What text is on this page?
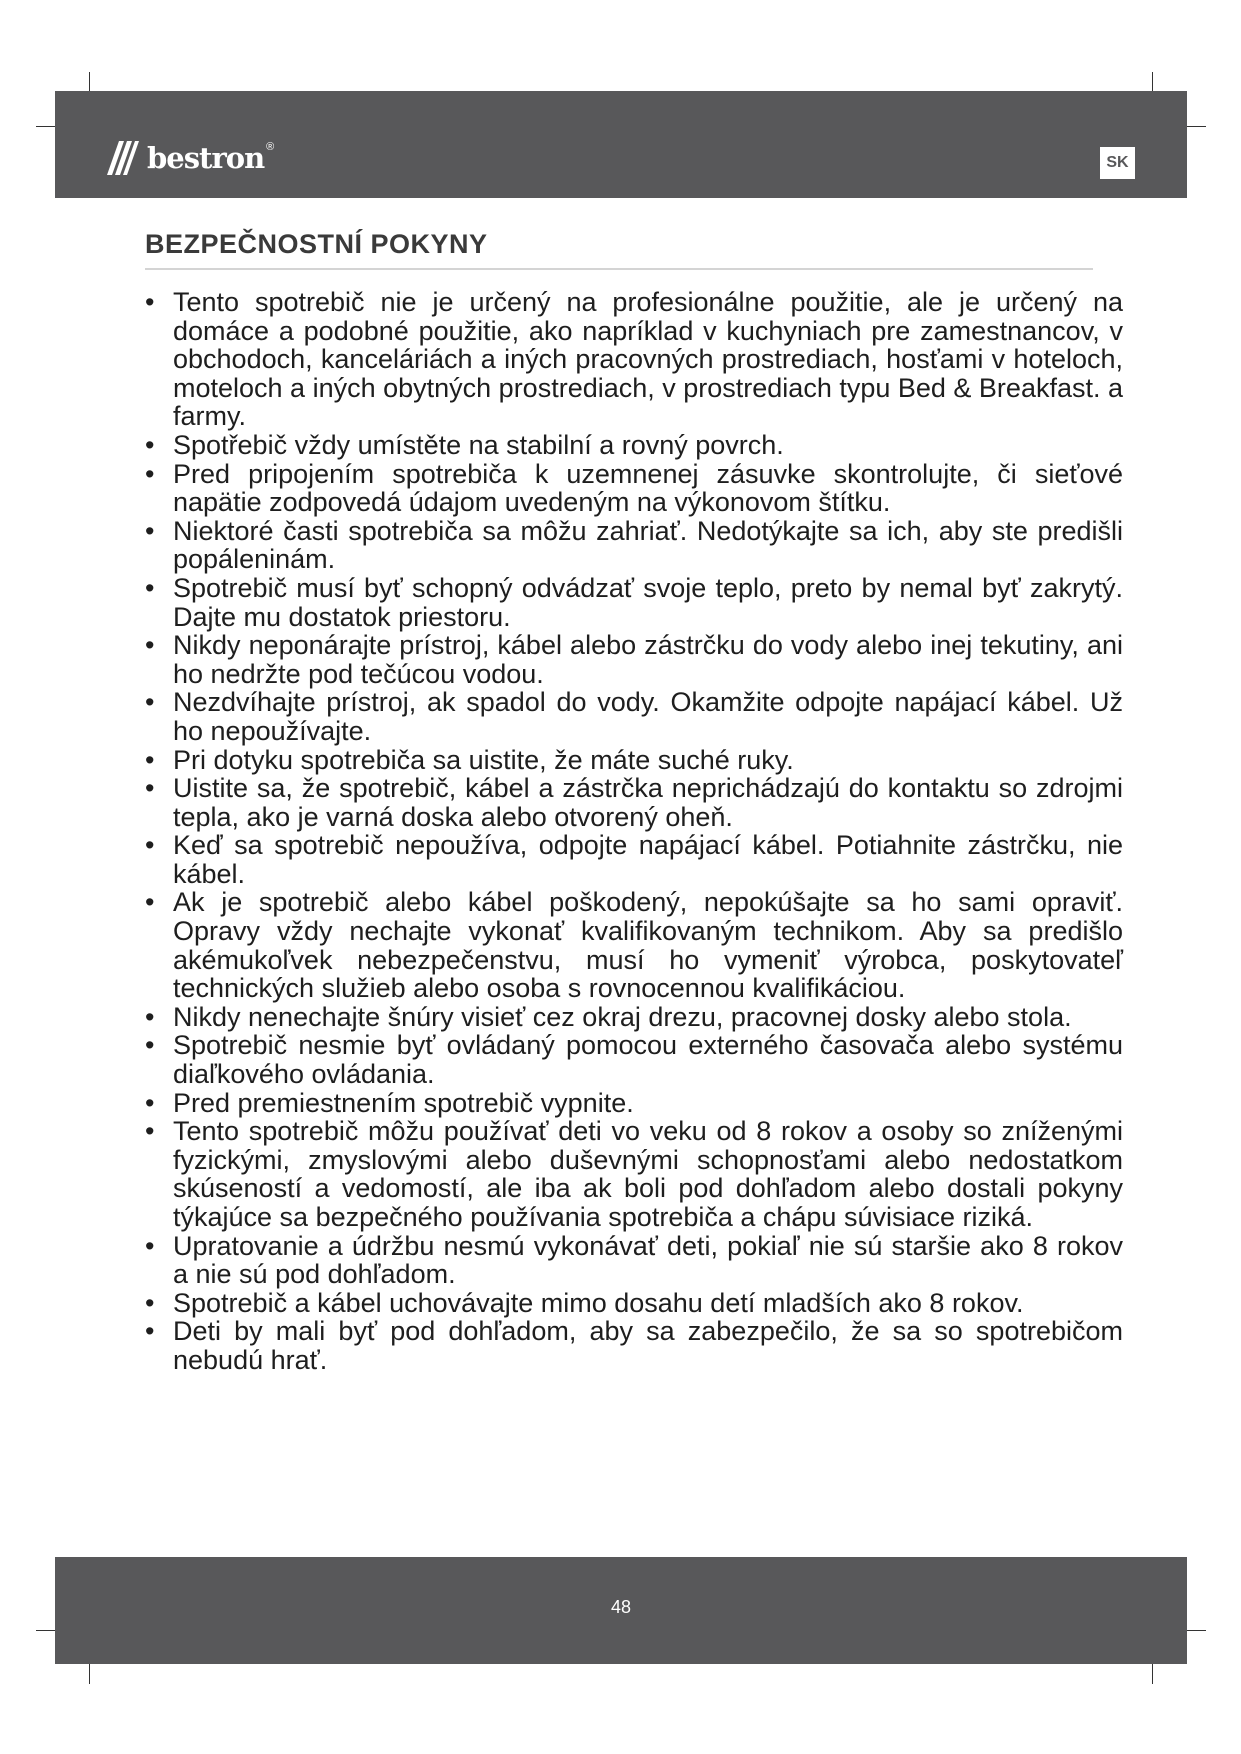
bestron ®
SK
BEZPEČNOSTNÍ POKYNY
• Tento spotrebič nie je určený na profesionálne použitie, ale je určený na domáce a podobné použitie, ako napríklad v kuchyniach pre zamestnancov, v obchodoch, kanceláriách a iných pracovných prostrediach, hosťami v hoteloch, moteloch a iných obytných prostrediach, v prostrediach typu Bed & Breakfast. a farmy.
• Spotřebič vždy umístěte na stabilní a rovný povrch.
• Pred pripojením spotrebiča k uzemnenej zásuvke skontrolujte, či sieťové napätie zodpovedá údajom uvedeným na výkonovom štítku.
• Niektoré časti spotrebiča sa môžu zahriať. Nedotýkajte sa ich, aby ste predišli popáleninám.
• Spotrebič musí byť schopný odvádzať svoje teplo, preto by nemal byť zakrytý. Dajte mu dostatok priestoru.
• Nikdy neponárajte prístroj, kábel alebo zástrčku do vody alebo inej tekutiny, ani ho nedržte pod tečúcou vodou.
• Nezdvíhajte prístroj, ak spadol do vody. Okamžite odpojte napájací kábel. Už ho nepoužívajte.
• Pri dotyku spotrebiča sa uistite, že máte suché ruky.
• Uistite sa, že spotrebič, kábel a zástrčka neprichádzajú do kontaktu so zdrojmi tepla, ako je varná doska alebo otvorený oheň.
• Keď sa spotrebič nepoužíva, odpojte napájací kábel. Potiahnite zástrčku, nie kábel.
• Ak je spotrebič alebo kábel poškodený, nepokúšajte sa ho sami opraviť. Opravy vždy nechajte vykonať kvalifikovaným technikom. Aby sa predišlo akémukoľvek nebezpečenstvu, musí ho vymeniť výrobca, poskytovateľ technických služieb alebo osoba s rovnocennou kvalifikáciou.
• Nikdy nenechajte šnúry visieť cez okraj drezu, pracovnej dosky alebo stola.
• Spotrebič nesmie byť ovládaný pomocou externého časovača alebo systému diaľkového ovládania.
• Pred premiestnením spotrebič vypnite.
• Tento spotrebič môžu používať deti vo veku od 8 rokov a osoby so zníženými fyzickými, zmyslovými alebo duševnými schopnosťami alebo nedostatkom skúseností a vedomostí, ale iba ak boli pod dohľadom alebo dostali pokyny týkajúce sa bezpečného používania spotrebiča a chápu súvisiace riziká.
• Upratovanie a údržbu nesmú vykonávať deti, pokiaľ nie sú staršie ako 8 rokov a nie sú pod dohľadom.
• Spotrebič a kábel uchovávajte mimo dosahu detí mladších ako 8 rokov.
• Deti by mali byť pod dohľadom, aby sa zabezpečilo, že sa so spotrebičom nebudú hrať.
48
